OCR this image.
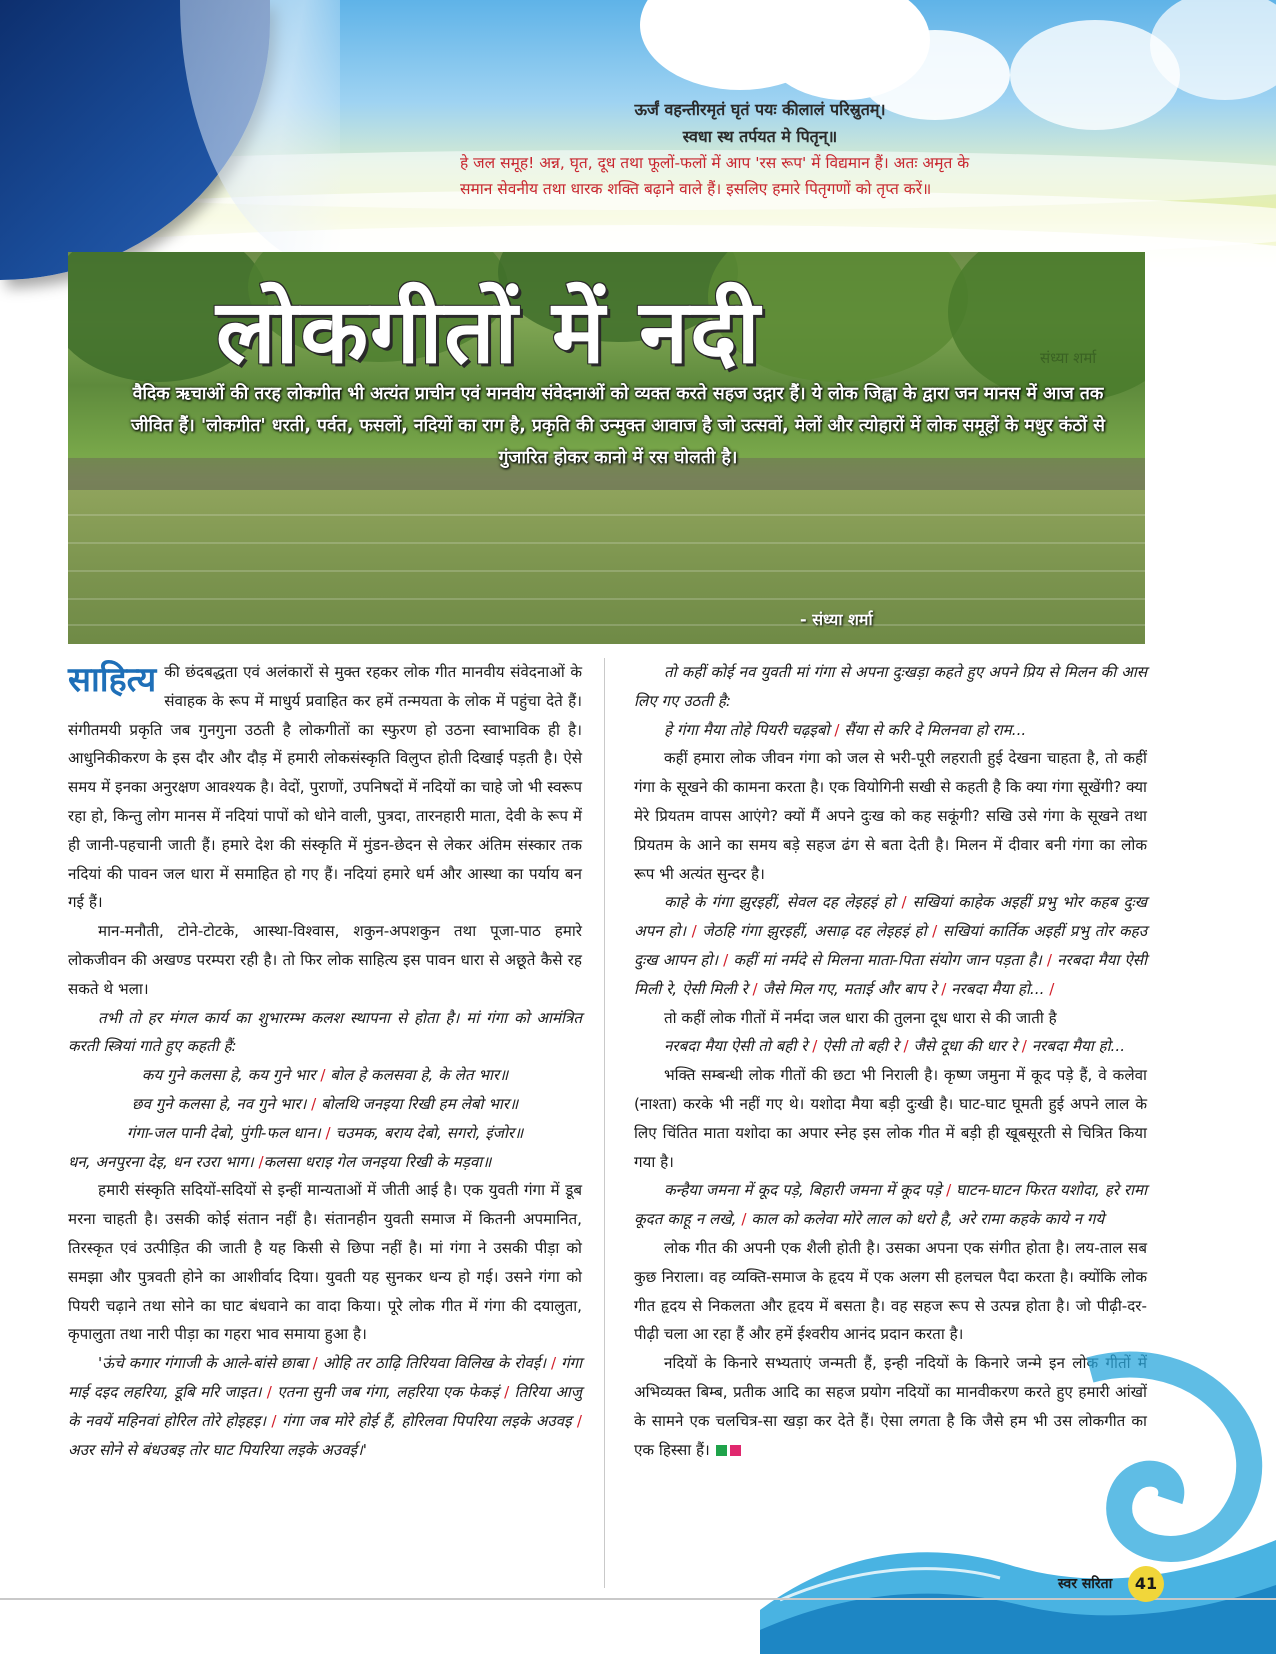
ऊर्जं वहन्तीरमृतं घृतं पयः कीलालं परिस्रुतम्।
स्वधा स्थ तर्पयत मे पितृन्॥
हे जल समूह! अन्न, घृत, दूध तथा फूलों-फलों में आप 'रस रूप' में विद्यमान हैं। अतः अमृत के
समान सेवनीय तथा धारक शक्ति बढ़ाने वाले हैं। इसलिए हमारे पितृगणों को तृप्त करें॥
लोकगीतों में नदी	संध्या शर्मा

वैदिक ऋचाओं की तरह लोकगीत भी अत्यंत प्राचीन एवं मानवीय संवेदनाओं को व्यक्त करते सहज उद्गार हैं। ये लोक जिह्वा के द्वारा जन मानस में आज तक जीवित हैं। 'लोकगीत' धरती, पर्वत, फसलों, नदियों का राग है, प्रकृति की उन्मुक्त आवाज है जो उत्सवों, मेलों और त्योहारों में लोक समूहों के मधुर कंठों से गुंजारित होकर कानो में रस घोलती है।

- संध्या शर्मा

साहित्य की छंदबद्धता एवं अलंकारों से मुक्त रहकर लोक गीत मानवीय संवेदनाओं के संवाहक के रूप में माधुर्य प्रवाहित कर हमें तन्मयता के लोक में पहुंचा देते हैं। संगीतमयी प्रकृति जब गुनगुना उठती है लोकगीतों का स्फुरण हो उठना स्वाभाविक ही है। आधुनिकीकरण के इस दौर और दौड़ में हमारी लोकसंस्कृति विलुप्त होती दिखाई पड़ती है। ऐसे समय में इनका अनुरक्षण आवश्यक है। वेदों, पुराणों, उपनिषदों में नदियों का चाहे जो भी स्वरूप रहा हो, किन्तु लोग मानस में नदियां पापों को धोने वाली, पुत्रदा, तारनहारी माता, देवी के रूप में ही जानी-पहचानी जाती हैं। हमारे देश की संस्कृति में मुंडन-छेदन से लेकर अंतिम संस्कार तक नदियां की पावन जल धारा में समाहित हो गए हैं। नदियां हमारे धर्म और आस्था का पर्याय बन गई हैं।

मान-मनौती, टोने-टोटके, आस्था-विश्वास, शकुन-अपशकुन तथा पूजा-पाठ हमारे लोकजीवन की अखण्ड परम्परा रही है। तो फिर लोक साहित्य इस पावन धारा से अछूते कैसे रह सकते थे भला।

तभी तो हर मंगल कार्य का शुभारम्भ कलश स्थापना से होता है। मां गंगा को आमंत्रित करती स्त्रियां गाते हुए कहती हैं:

कय गुने कलसा हे, कय गुने भार / बोल हे कलसवा हे, के लेत भार॥

छव गुने कलसा हे, नव गुने भार। / बोलथि जनइया रिखी हम लेबो भार॥

गंगा-जल पानी देबो, पुंगी-फल धान। / चउमक, बराय देबो, सगरो, इंजोर॥

धन, अनपुरना देइ, धन रउरा भाग। /कलसा धराइ गेल जनइया रिखी के मड़वा॥

हमारी संस्कृति सदियों-सदियों से इन्हीं मान्यताओं में जीती आई है। एक युवती गंगा में डूब मरना चाहती है। उसकी कोई संतान नहीं है। संतानहीन युवती समाज में कितनी अपमानित, तिरस्कृत एवं उत्पीड़ित की जाती है यह किसी से छिपा नहीं है। मां गंगा ने उसकी पीड़ा को समझा और पुत्रवती होने का आशीर्वाद दिया। युवती यह सुनकर धन्य हो गई। उसने गंगा को पियरी चढ़ाने तथा सोने का घाट बंधवाने का वादा किया। पूरे लोक गीत में गंगा की दयालुता, कृपालुता तथा नारी पीड़ा का गहरा भाव समाया हुआ है।

'ऊंचे कगार गंगाजी के आले-बांसे छाबा / ओहि तर ठाढ़ि तिरियवा विलिख के रोवई। / गंगा माई दइद लहरिया, डूबि मरि जाइत। / एतना सुनी जब गंगा, लहरिया एक फेकइं / तिरिया आजु के नवयें महिनवां होरिल तोरे होइहइ। / गंगा जब मोरे होई हैं, होरिलवा पिपरिया लइके अउवइ / अउर सोने से बंधउबइ तोर घाट पियरिया लइके अउवई।'

तो कहीं कोई नव युवती मां गंगा से अपना दुःखड़ा कहते हुए अपने प्रिय से मिलन की आस लिए गए उठती है:

हे गंगा मैया तोहे पियरी चढ़इबो / सैंया से करि दे मिलनवा हो राम...

कहीं हमारा लोक जीवन गंगा को जल से भरी-पूरी लहराती हुई देखना चाहता है, तो कहीं गंगा के सूखने की कामना करता है। एक वियोगिनी सखी से कहती है कि क्या गंगा सूखेंगी? क्या मेरे प्रियतम वापस आएंगे? क्यों मैं अपने दुःख को कह सकूंगी? सखि उसे गंगा के सूखने तथा प्रियतम के आने का समय बड़े सहज ढंग से बता देती है। मिलन में दीवार बनी गंगा का लोक रूप भी अत्यंत सुन्दर है।

काहे के गंगा झुरइहीं, सेवल दह लेइहइं हो / सखियां काहेक अइहीं प्रभु भोर कहब दुःख अपन हो। / जेठहि गंगा झुरइहीं, असाढ़ दह लेइहइं हो / सखियां कार्तिक अइहीं प्रभु तोर कहउ दुःख आपन हो। / कहीं मां नर्मदे से मिलना माता-पिता संयोग जान पड़ता है। / नरबदा मैया ऐसी मिली रे, ऐसी मिली रे / जैसे मिल गए, मताई और बाप रे / नरबदा मैया हो... /

तो कहीं लोक गीतों में नर्मदा जल धारा की तुलना दूध धारा से की जाती है

नरबदा मैया ऐसी तो बही रे / ऐसी तो बही रे / जैसे दूधा की धार रे / नरबदा मैया हो...

भक्ति सम्बन्धी लोक गीतों की छटा भी निराली है। कृष्ण जमुना में कूद पड़े हैं, वे कलेवा (नाश्ता) करके भी नहीं गए थे। यशोदा मैया बड़ी दुःखी है। घाट-घाट घूमती हुई अपने लाल के लिए चिंतित माता यशोदा का अपार स्नेह इस लोक गीत में बड़ी ही खूबसूरती से चित्रित किया गया है।

कन्हैया जमना में कूद पड़े, बिहारी जमना में कूद पड़े / घाटन-घाटन फिरत यशोदा, हरे रामा कूदत काहू न लखे, / काल को कलेवा मोरे लाल को धरो है, अरे रामा कहके काये न गये

लोक गीत की अपनी एक शैली होती है। उसका अपना एक संगीत होता है। लय-ताल सब कुछ निराला। वह व्यक्ति-समाज के हृदय में एक अलग सी हलचल पैदा करता है। क्योंकि लोक गीत हृदय से निकलता और हृदय में बसता है। वह सहज रूप से उत्पन्न होता है। जो पीढ़ी-दर-पीढ़ी चला आ रहा हैं और हमें ईश्वरीय आनंद प्रदान करता है।

नदियों के किनारे सभ्यताएं जन्मती हैं, इन्ही नदियों के किनारे जन्मे इन लोक गीतों में अभिव्यक्त बिम्ब, प्रतीक आदि का सहज प्रयोग नदियों का मानवीकरण करते हुए हमारी आंखों के सामने एक चलचित्र-सा खड़ा कर देते हैं। ऐसा लगता है कि जैसे हम भी उस लोकगीत का एक हिस्सा हैं।

स्वर सरिता	41
